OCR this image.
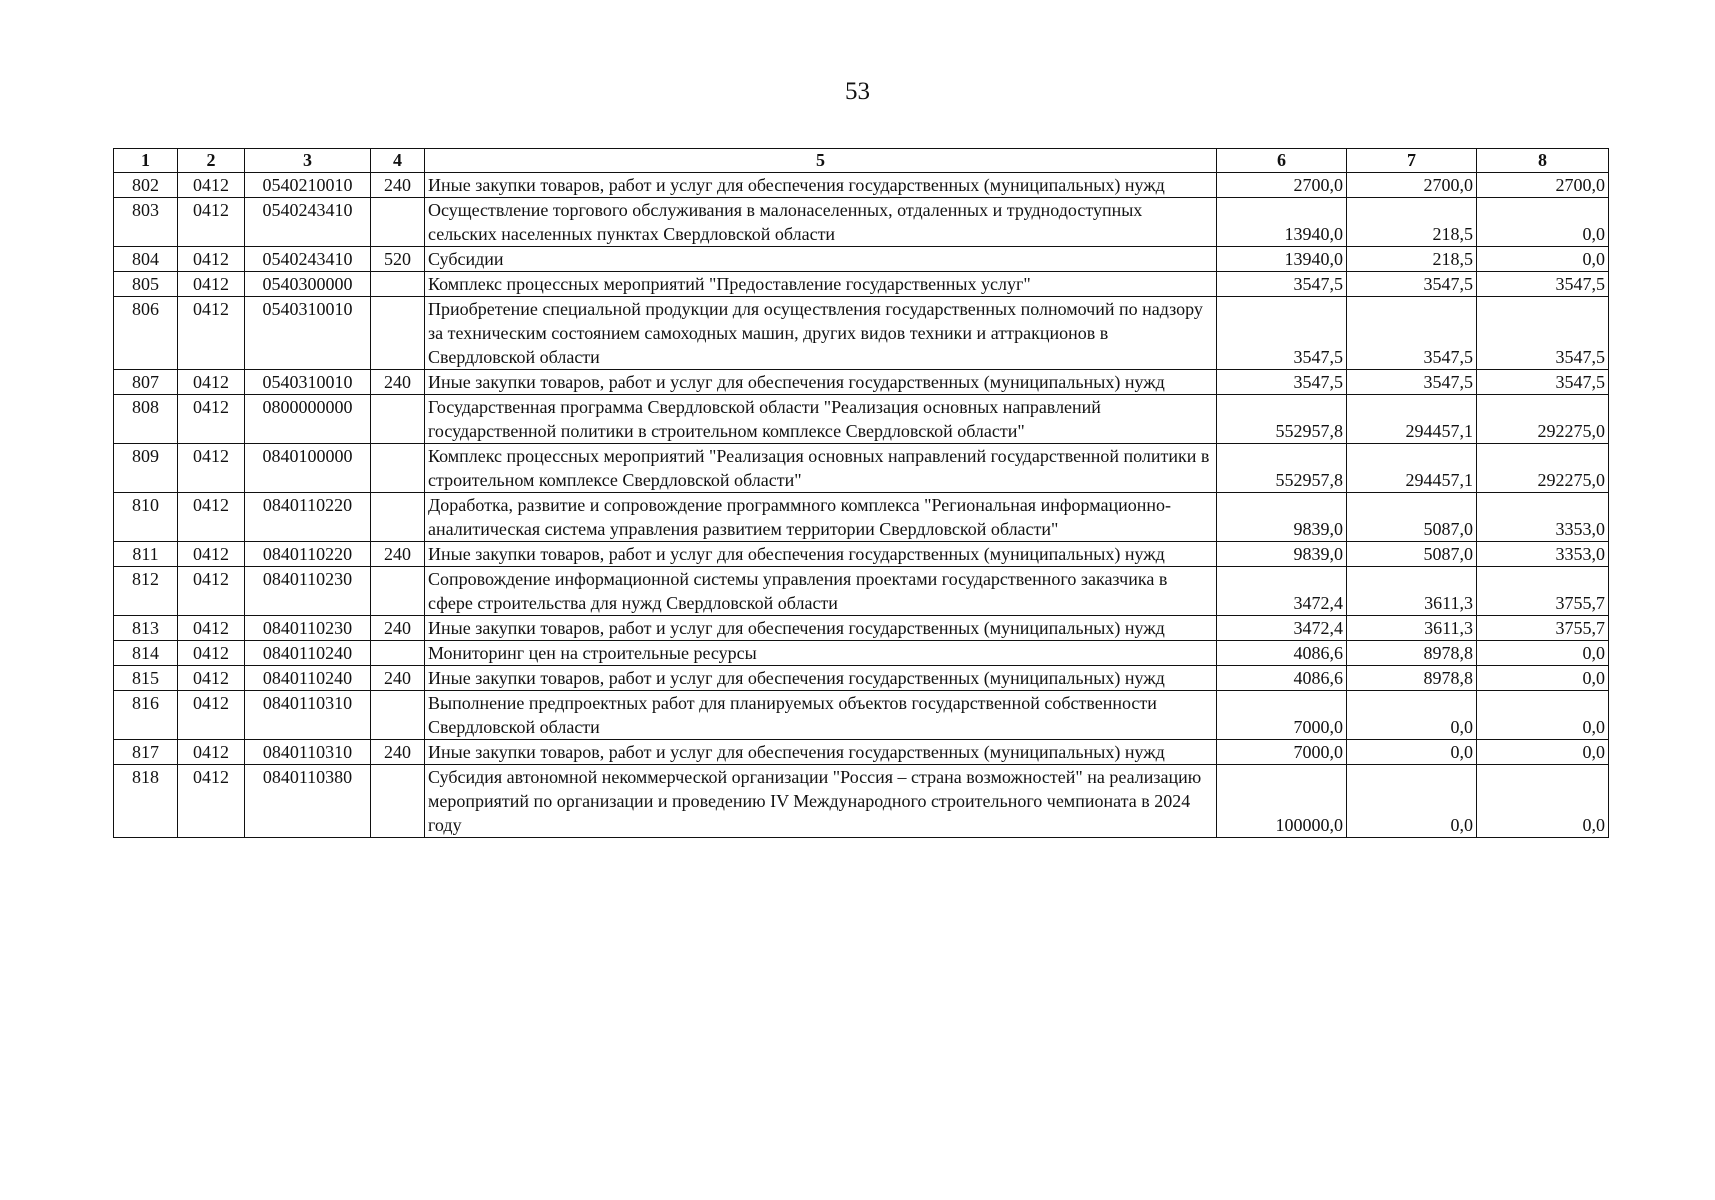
53
1	2	3	4	5	6	7	8
802	0412	0540210010	240	Иные закупки товаров, работ и услуг для обеспечения государственных (муниципальных) нужд	2700,0	2700,0	2700,0
803	0412	0540243410		Осуществление торгового обслуживания в малонаселенных, отдаленных и труднодоступных сельских населенных пунктах Свердловской области	13940,0	218,5	0,0
804	0412	0540243410	520	Субсидии	13940,0	218,5	0,0
805	0412	0540300000		Комплекс процессных мероприятий "Предоставление государственных услуг"	3547,5	3547,5	3547,5
806	0412	0540310010		Приобретение специальной продукции для осуществления государственных полномочий по надзору за техническим состоянием самоходных машин, других видов техники и аттракционов в Свердловской области	3547,5	3547,5	3547,5
807	0412	0540310010	240	Иные закупки товаров, работ и услуг для обеспечения государственных (муниципальных) нужд	3547,5	3547,5	3547,5
808	0412	0800000000		Государственная программа Свердловской области "Реализация основных направлений государственной политики в строительном комплексе Свердловской области"	552957,8	294457,1	292275,0
809	0412	0840100000		Комплекс процессных мероприятий "Реализация основных направлений государственной политики в строительном комплексе Свердловской области"	552957,8	294457,1	292275,0
810	0412	0840110220		Доработка, развитие и сопровождение программного комплекса "Региональная информационно-аналитическая система управления развитием территории Свердловской области"	9839,0	5087,0	3353,0
811	0412	0840110220	240	Иные закупки товаров, работ и услуг для обеспечения государственных (муниципальных) нужд	9839,0	5087,0	3353,0
812	0412	0840110230		Сопровождение информационной системы управления проектами государственного заказчика в сфере строительства для нужд Свердловской области	3472,4	3611,3	3755,7
813	0412	0840110230	240	Иные закупки товаров, работ и услуг для обеспечения государственных (муниципальных) нужд	3472,4	3611,3	3755,7
814	0412	0840110240		Мониторинг цен на строительные ресурсы	4086,6	8978,8	0,0
815	0412	0840110240	240	Иные закупки товаров, работ и услуг для обеспечения государственных (муниципальных) нужд	4086,6	8978,8	0,0
816	0412	0840110310		Выполнение предпроектных работ для планируемых объектов государственной собственности Свердловской области	7000,0	0,0	0,0
817	0412	0840110310	240	Иные закупки товаров, работ и услуг для обеспечения государственных (муниципальных) нужд	7000,0	0,0	0,0
818	0412	0840110380		Субсидия автономной некоммерческой организации "Россия – страна возможностей" на реализацию мероприятий по организации и проведению IV Международного строительного чемпионата в 2024 году	100000,0	0,0	0,0
